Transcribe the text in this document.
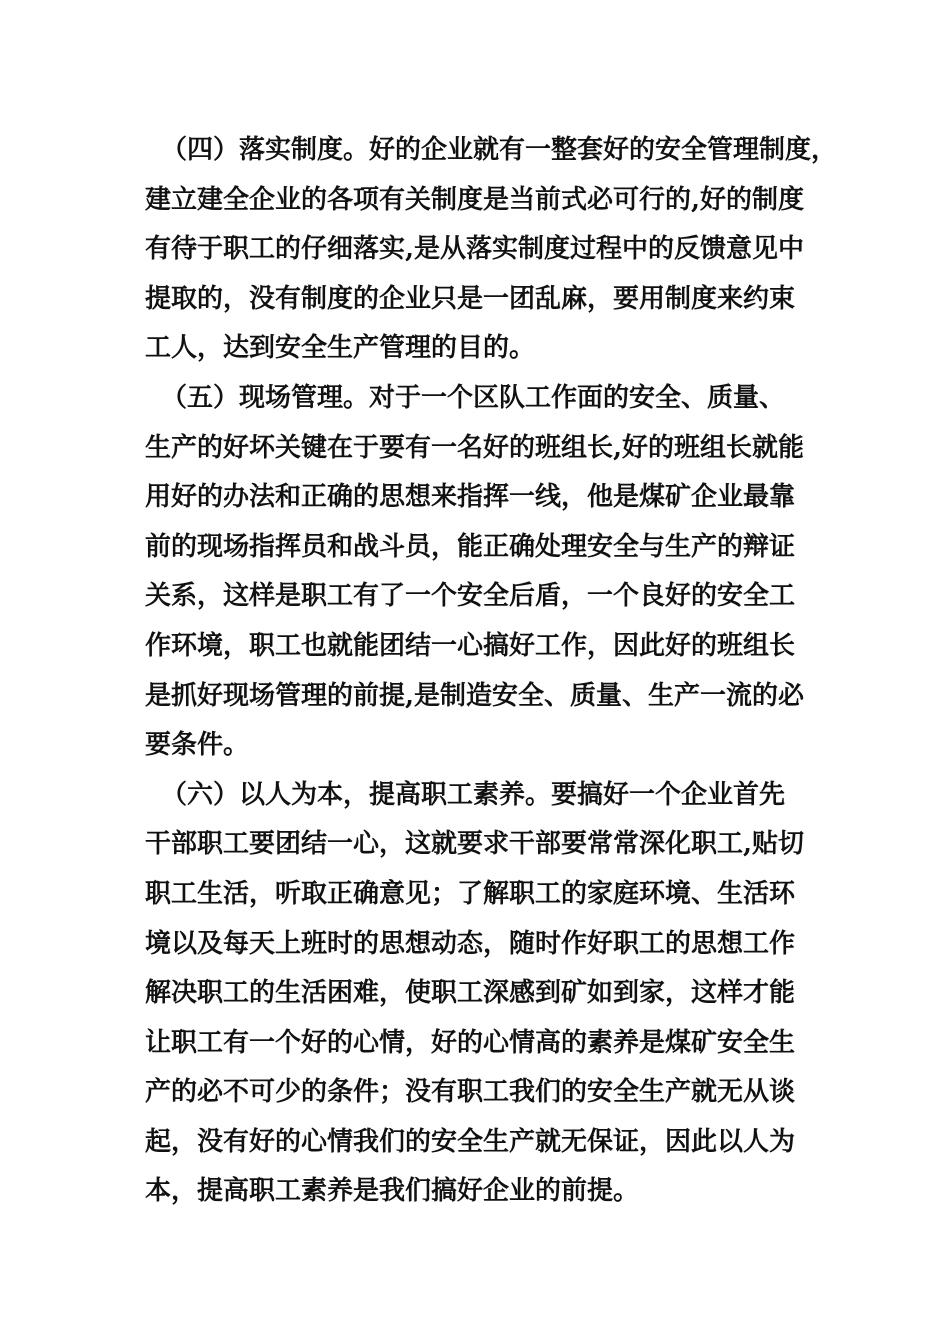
（四）落实制度。好的企业就有一整套好的安全管理制度，
建立建全企业的各项有关制度是当前式必可行的,好的制度
有待于职工的仔细落实,是从落实制度过程中的反馈意见中
提取的，没有制度的企业只是一团乱麻，要用制度来约束
工人，达到安全生产管理的目的。
（五）现场管理。对于一个区队工作面的安全、质量、
生产的好坏关键在于要有一名好的班组长,好的班组长就能
用好的办法和正确的思想来指挥一线，他是煤矿企业最靠
前的现场指挥员和战斗员，能正确处理安全与生产的辩证
关系，这样是职工有了一个安全后盾，一个良好的安全工
作环境，职工也就能团结一心搞好工作，因此好的班组长
是抓好现场管理的前提,是制造安全、质量、生产一流的必
要条件。
（六）以人为本，提高职工素养。要搞好一个企业首先
干部职工要团结一心，这就要求干部要常常深化职工,贴切
职工生活，听取正确意见；了解职工的家庭环境、生活环
境以及每天上班时的思想动态，随时作好职工的思想工作
解决职工的生活困难，使职工深感到矿如到家，这样才能
让职工有一个好的心情，好的心情高的素养是煤矿安全生
产的必不可少的条件；没有职工我们的安全生产就无从谈
起，没有好的心情我们的安全生产就无保证，因此以人为
本，提高职工素养是我们搞好企业的前提。
